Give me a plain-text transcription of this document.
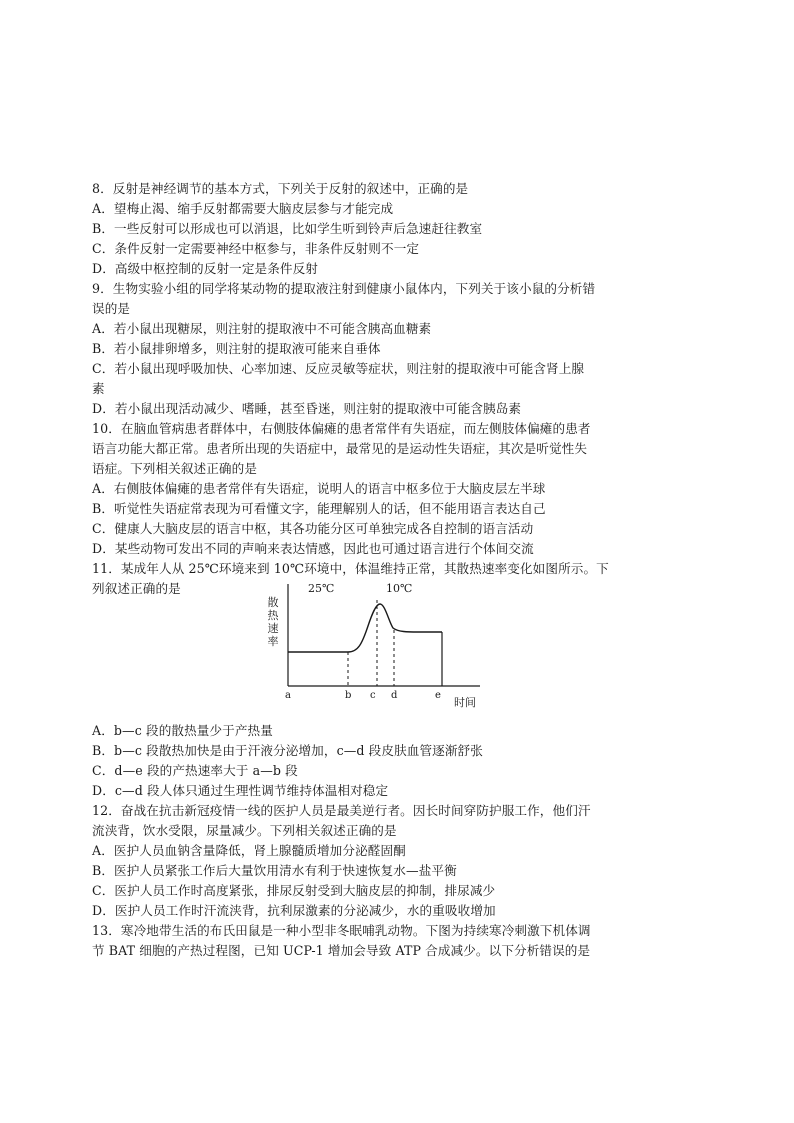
8．反射是神经调节的基本方式，下列关于反射的叙述中，正确的是
A．望梅止渴、缩手反射都需要大脑皮层参与才能完成
B．一些反射可以形成也可以消退，比如学生听到铃声后急速赶往教室
C．条件反射一定需要神经中枢参与，非条件反射则不一定
D．高级中枢控制的反射一定是条件反射
9．生物实验小组的同学将某动物的提取液注射到健康小鼠体内，下列关于该小鼠的分析错
误的是
A．若小鼠出现糖尿，则注射的提取液中不可能含胰高血糖素
B．若小鼠排卵增多，则注射的提取液可能来自垂体
C．若小鼠出现呼吸加快、心率加速、反应灵敏等症状，则注射的提取液中可能含肾上腺
素
D．若小鼠出现活动减少、嗜睡，甚至昏迷，则注射的提取液中可能含胰岛素
10．在脑血管病患者群体中，右侧肢体偏瘫的患者常伴有失语症，而左侧肢体偏瘫的患者
语言功能大都正常。患者所出现的失语症中，最常见的是运动性失语症，其次是听觉性失
语症。下列相关叙述正确的是
A．右侧肢体偏瘫的患者常伴有失语症，说明人的语言中枢多位于大脑皮层左半球
B．听觉性失语症常表现为可看懂文字，能理解别人的话，但不能用语言表达自己
C．健康人大脑皮层的语言中枢，其各功能分区可单独完成各自控制的语言活动
D．某些动物可发出不同的声响来表达情感，因此也可通过语言进行个体间交流
11．某成年人从 25℃环境来到 10℃环境中，体温维持正常，其散热速率变化如图所示。下
列叙述正确的是
A．b—c 段的散热量少于产热量
B．b—c 段散热加快是由于汗液分泌增加，c—d 段皮肤血管逐渐舒张
C．d—e 段的产热速率大于 a—b 段
D．c—d 段人体只通过生理性调节维持体温相对稳定
12．奋战在抗击新冠疫情一线的医护人员是最美逆行者。因长时间穿防护服工作，他们汗
流浃背，饮水受限，尿量减少。下列相关叙述正确的是
A．医护人员血钠含量降低，肾上腺髓质增加分泌醛固酮
B．医护人员紧张工作后大量饮用清水有利于快速恢复水—盐平衡
C．医护人员工作时高度紧张，排尿反射受到大脑皮层的抑制，排尿减少
D．医护人员工作时汗流浃背，抗利尿激素的分泌减少，水的重吸收增加
13．寒冷地带生活的布氏田鼠是一种小型非冬眠哺乳动物。下图为持续寒冷刺激下机体调
节 BAT 细胞的产热过程图，已知 UCP-1 增加会导致 ATP 合成减少。以下分析错误的是
25℃	10℃
a	b c d	e
时间
散热速率
